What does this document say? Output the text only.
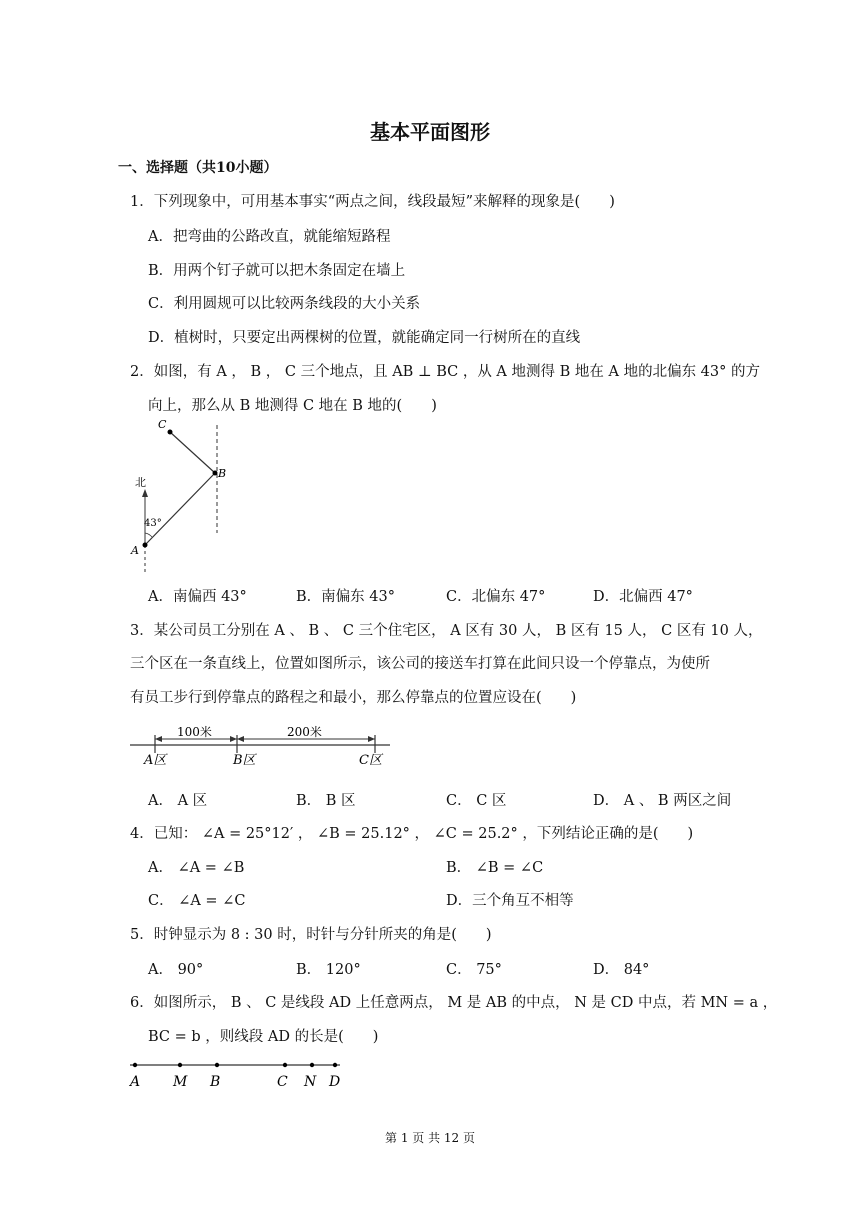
基本平面图形
一、选择题（共10小题）
1．下列现象中，可用基本事实“两点之间，线段最短”来解释的现象是(　　)
A．把弯曲的公路改直，就能缩短路程
B．用两个钉子就可以把木条固定在墙上
C．利用圆规可以比较两条线段的大小关系
D．植树时，只要定出两棵树的位置，就能确定同一行树所在的直线
2．如图，有 A ， B ， C 三个地点，且 AB ⊥ BC ，从 A 地测得 B 地在 A 地的北偏东 43° 的方
向上，那么从 B 地测得 C 地在 B 地的(　　)
C
B
A
北
43°
A．南偏西 43°	B．南偏东 43°	C．北偏东 47°	D．北偏西 47°
3．某公司员工分别在 A 、 B 、 C 三个住宅区， A 区有 30 人， B 区有 15 人， C 区有 10 人，
三个区在一条直线上，位置如图所示，该公司的接送车打算在此间只设一个停靠点，为使所
有员工步行到停靠点的路程之和最小，那么停靠点的位置应设在(　　)
100米	200米
A区	B区	C区
A． A 区	B． B 区	C． C 区	D． A 、 B 两区之间
4．已知： ∠A = 25°12′ ， ∠B = 25.12° ， ∠C = 25.2° ，下列结论正确的是(　　)
A． ∠A = ∠B	B． ∠B = ∠C
C． ∠A = ∠C	D．三个角互不相等
5．时钟显示为 8 : 30 时，时针与分针所夹的角是(　　)
A． 90°	B． 120°	C． 75°	D． 84°
6．如图所示， B 、 C 是线段 AD 上任意两点， M 是 AB 的中点， N 是 CD 中点，若 MN = a ，
BC = b ，则线段 AD 的长是(　　)
A M B	C N D
第 1 页 共 12 页
